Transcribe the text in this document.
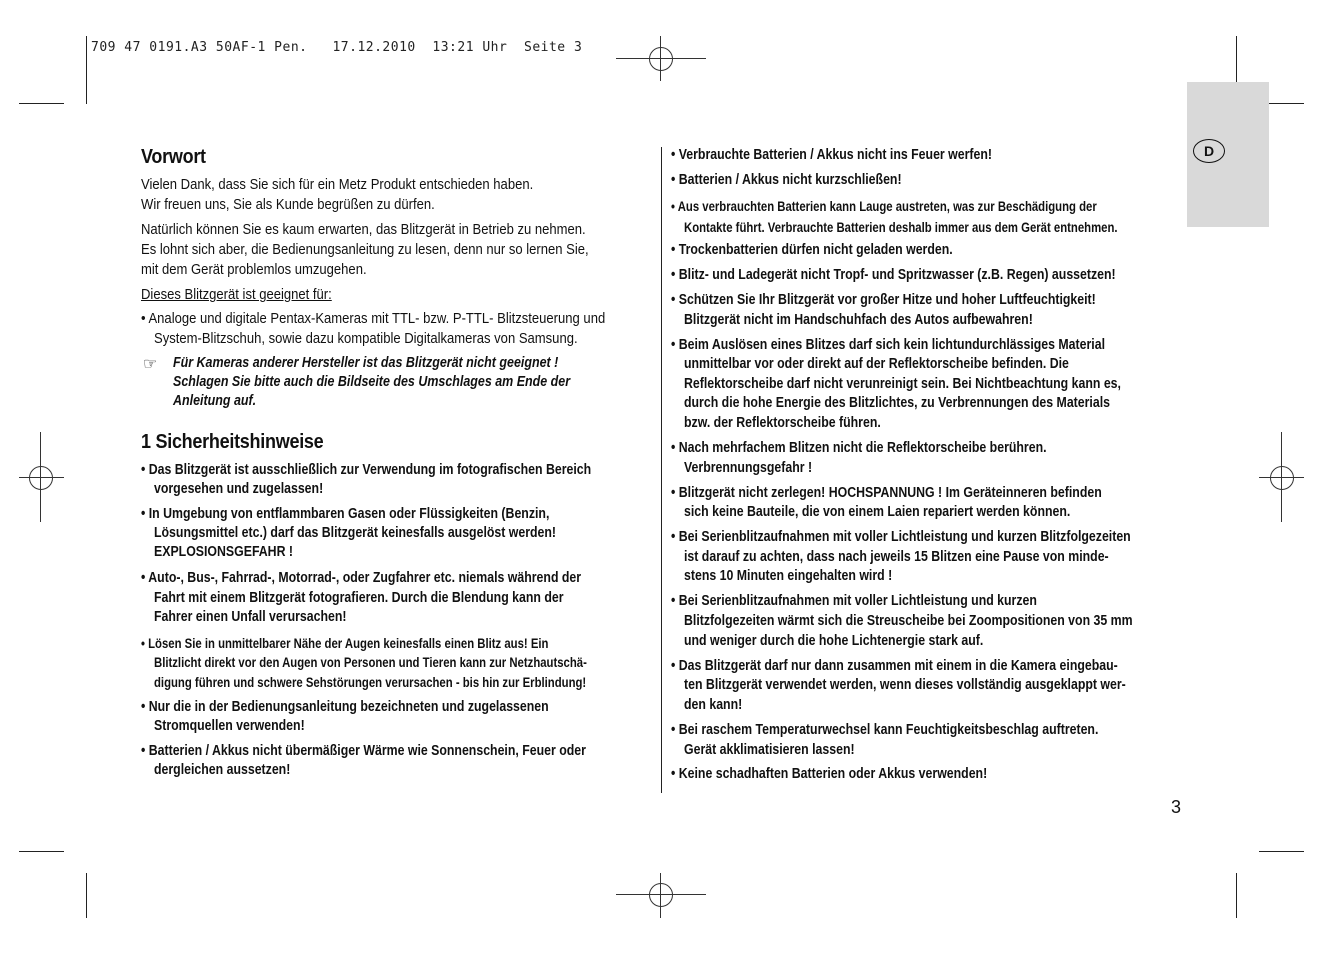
709 47 0191.A3 50AF-1 Pen.   17.12.2010  13:21 Uhr  Seite 3
D
Vorwort
Vielen Dank, dass Sie sich für ein Metz Produkt entschieden haben.
Wir freuen uns, Sie als Kunde begrüßen zu dürfen.
Natürlich können Sie es kaum erwarten, das Blitzgerät in Betrieb zu nehmen.
Es lohnt sich aber, die Bedienungsanleitung zu lesen, denn nur so lernen Sie,
mit dem Gerät problemlos umzugehen.
Dieses Blitzgerät ist geeignet für:
• Analoge und digitale Pentax-Kameras mit TTL- bzw. P-TTL- Blitzsteuerung und
System-Blitzschuh, sowie dazu kompatible Digitalkameras von Samsung.
☞ Für Kameras anderer Hersteller ist das Blitzgerät nicht geeignet !
Schlagen Sie bitte auch die Bildseite des Umschlages am Ende der
Anleitung auf.
1 Sicherheitshinweise
• Das Blitzgerät ist ausschließlich zur Verwendung im fotografischen Bereich
vorgesehen und zugelassen!
• In Umgebung von entflammbaren Gasen oder Flüssigkeiten (Benzin,
Lösungsmittel etc.) darf das Blitzgerät keinesfalls ausgelöst werden!
EXPLOSIONSGEFAHR !
• Auto-, Bus-, Fahrrad-, Motorrad-, oder Zugfahrer etc. niemals während der
Fahrt mit einem Blitzgerät fotografieren. Durch die Blendung kann der
Fahrer einen Unfall verursachen!
• Lösen Sie in unmittelbarer Nähe der Augen keinesfalls einen Blitz aus! Ein
Blitzlicht direkt vor den Augen von Personen und Tieren kann zur Netzhautschä-
digung führen und schwere Sehstörungen verursachen - bis hin zur Erblindung!
• Nur die in der Bedienungsanleitung bezeichneten und zugelassenen
Stromquellen verwenden!
• Batterien / Akkus nicht übermäßiger Wärme wie Sonnenschein, Feuer oder
dergleichen aussetzen!
• Verbrauchte Batterien / Akkus nicht ins Feuer werfen!
• Batterien / Akkus nicht kurzschließen!
• Aus verbrauchten Batterien kann Lauge austreten, was zur Beschädigung der
Kontakte führt. Verbrauchte Batterien deshalb immer aus dem Gerät entnehmen.
• Trockenbatterien dürfen nicht geladen werden.
• Blitz- und Ladegerät nicht Tropf- und Spritzwasser (z.B. Regen) aussetzen!
• Schützen Sie Ihr Blitzgerät vor großer Hitze und hoher Luftfeuchtigkeit!
Blitzgerät nicht im Handschuhfach des Autos aufbewahren!
• Beim Auslösen eines Blitzes darf sich kein lichtundurchlässiges Material
unmittelbar vor oder direkt auf der Reflektorscheibe befinden. Die
Reflektorscheibe darf nicht verunreinigt sein. Bei Nichtbeachtung kann es,
durch die hohe Energie des Blitzlichtes, zu Verbrennungen des Materials
bzw. der Reflektorscheibe führen.
• Nach mehrfachem Blitzen nicht die Reflektorscheibe berühren.
Verbrennungsgefahr !
• Blitzgerät nicht zerlegen! HOCHSPANNUNG ! Im Geräteinneren befinden
sich keine Bauteile, die von einem Laien repariert werden können.
• Bei Serienblitzaufnahmen mit voller Lichtleistung und kurzen Blitzfolgezeiten
ist darauf zu achten, dass nach jeweils 15 Blitzen eine Pause von minde-
stens 10 Minuten eingehalten wird !
• Bei Serienblitzaufnahmen mit voller Lichtleistung und kurzen
Blitzfolgezeiten wärmt sich die Streuscheibe bei Zoompositionen von 35 mm
und weniger durch die hohe Lichtenergie stark auf.
• Das Blitzgerät darf nur dann zusammen mit einem in die Kamera eingebau-
ten Blitzgerät verwendet werden, wenn dieses vollständig ausgeklappt wer-
den kann!
• Bei raschem Temperaturwechsel kann Feuchtigkeitsbeschlag auftreten.
Gerät akklimatisieren lassen!
• Keine schadhaften Batterien oder Akkus verwenden!
3
